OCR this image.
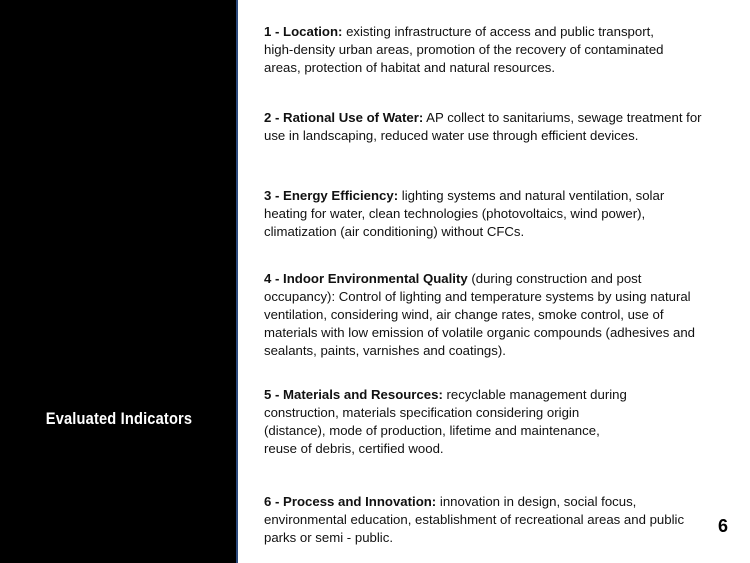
Evaluated Indicators
1 - Location: existing infrastructure of access and public transport, high-density urban areas, promotion of the recovery of contaminated areas, protection of habitat and natural resources.
2 - Rational Use of Water: AP collect to sanitariums, sewage treatment for use in landscaping, reduced water use through efficient devices.
3 - Energy Efficiency: lighting systems and natural ventilation, solar heating for water, clean technologies (photovoltaics, wind power), climatization (air conditioning) without CFCs.
4 - Indoor Environmental Quality (during construction and post occupancy): Control of lighting and temperature systems by using natural ventilation, considering wind, air change rates, smoke control, use of materials with low emission of volatile organic compounds (adhesives and sealants, paints, varnishes and coatings).
5 - Materials and Resources: recyclable management during construction, materials specification considering origin (distance), mode of production, lifetime and maintenance, reuse of debris, certified wood.
6 - Process and Innovation: innovation in design, social focus, environmental education, establishment of recreational areas and public parks or semi - public.
6
